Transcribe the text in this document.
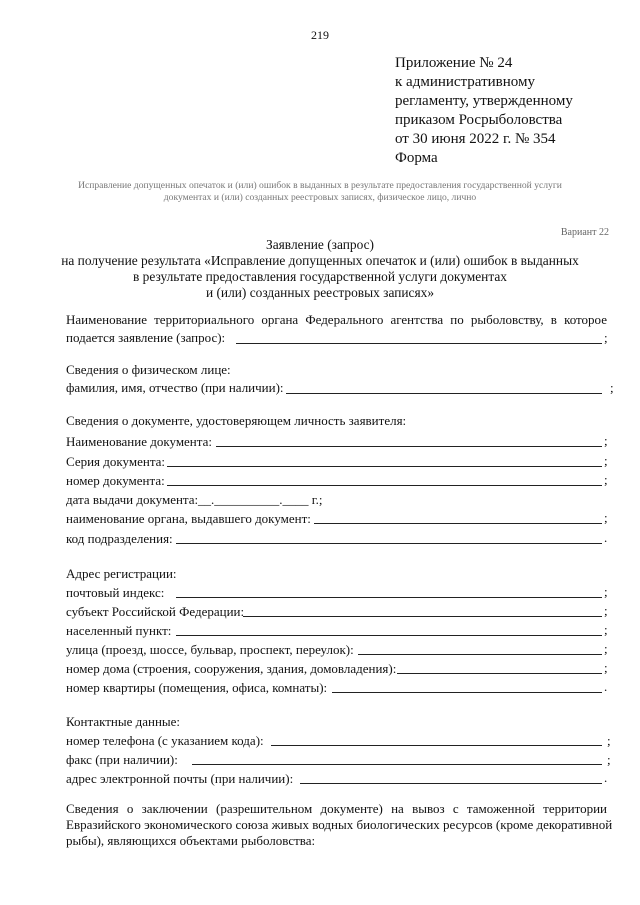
219
Приложение № 24
к административному
регламенту, утвержденному
приказом Росрыболовства
от 30 июня 2022 г. № 354
Форма
Исправление допущенных опечаток и (или) ошибок в выданных в результате предоставления государственной услуги
документах и (или) созданных реестровых записях, физическое лицо, лично
Вариант 22
Заявление (запрос)
на получение результата «Исправление допущенных опечаток и (или) ошибок в выданных
в результате предоставления государственной услуги документах
и (или) созданных реестровых записях»
Наименование территориального органа Федерального агентства по рыболовству, в которое
подается заявление (запрос):	;
Сведения о физическом лице:
фамилия, имя, отчество (при наличии):	;
Сведения о документе, удостоверяющем личность заявителя:
Наименование документа:	;
Серия документа:	;
номер документа:	;
дата выдачи документа: __.__________.____ г.;
наименование органа, выдавшего документ:	;
код подразделения:	.
Адрес регистрации:
почтовый индекс:	;
субъект Российской Федерации:	;
населенный пункт:	;
улица (проезд, шоссе, бульвар, проспект, переулок):	;
номер дома (строения, сооружения, здания, домовладения):	;
номер квартиры (помещения, офиса, комнаты):	.
Контактные данные:
номер телефона (с указанием кода):	;
факс (при наличии):	;
адрес электронной почты (при наличии):	.
Сведения о заключении (разрешительном документе) на вывоз с таможенной территории
Евразийского экономического союза живых водных биологических ресурсов (кроме декоративной
рыбы), являющихся объектами рыболовства:
